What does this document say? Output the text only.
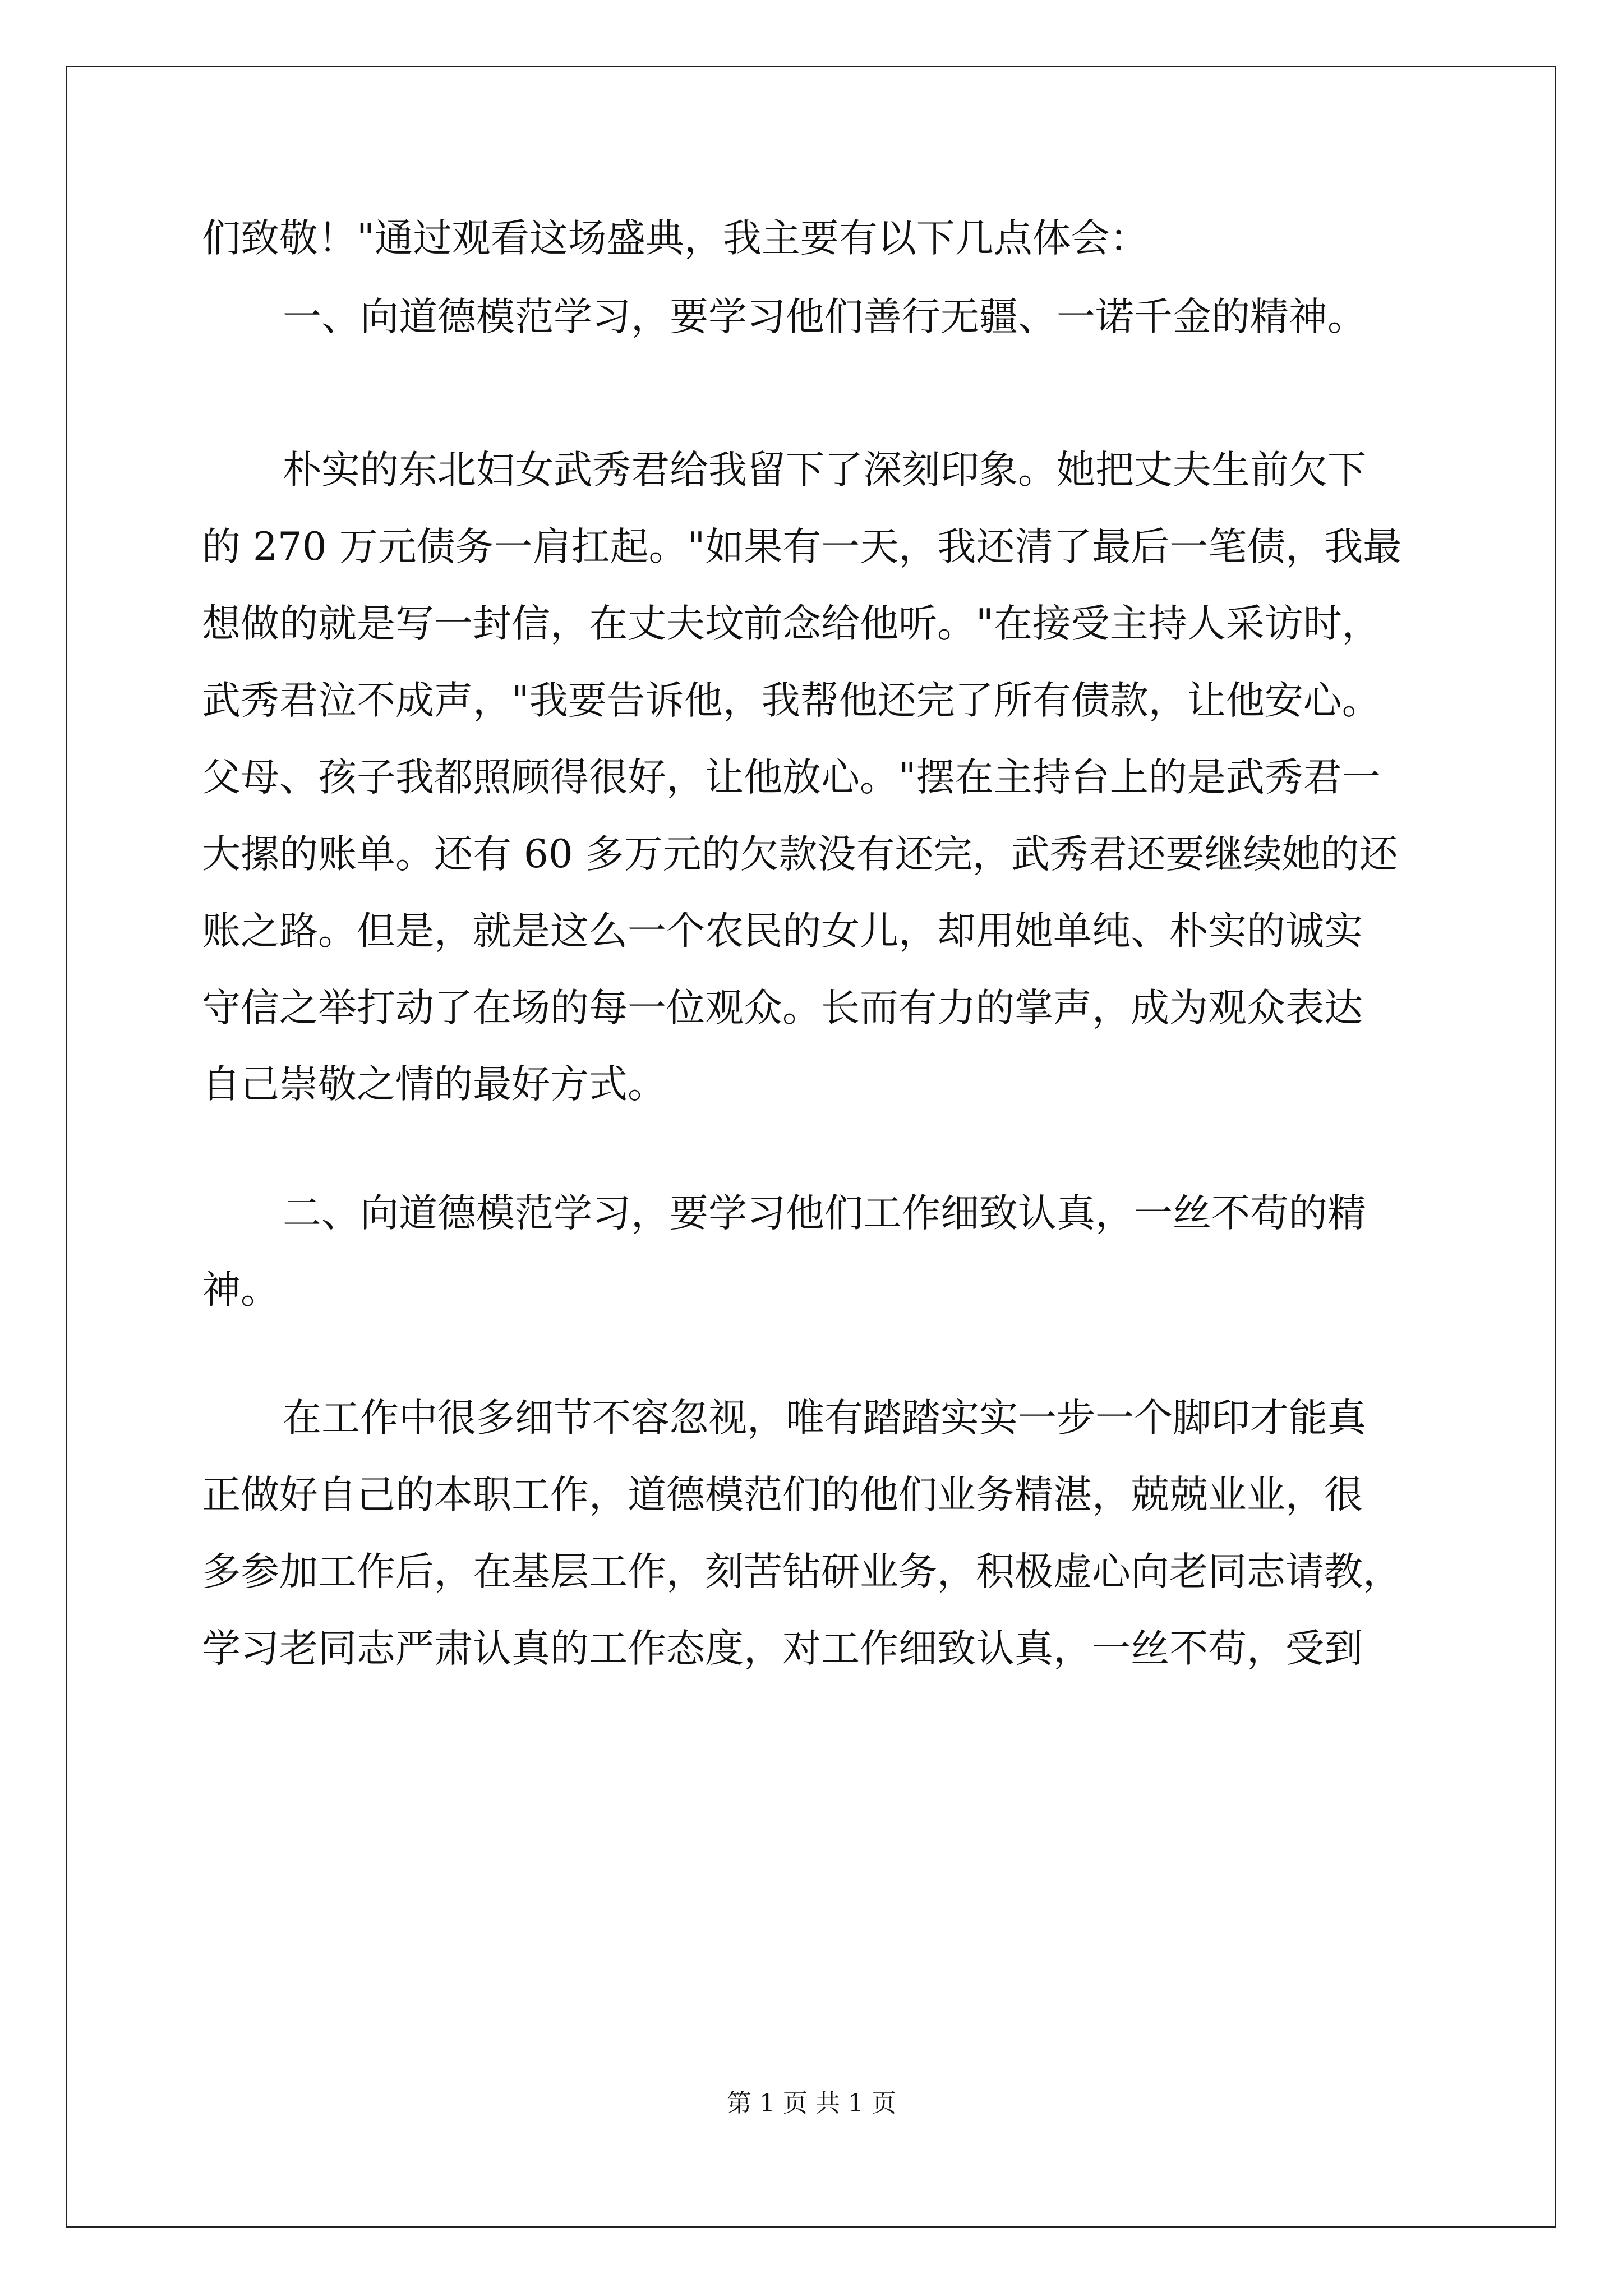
们致敬！"通过观看这场盛典，我主要有以下几点体会：
一、向道德模范学习，要学习他们善行无疆、一诺千金的精神。
朴实的东北妇女武秀君给我留下了深刻印象。她把丈夫生前欠下
的 270 万元债务一肩扛起。"如果有一天，我还清了最后一笔债，我最
想做的就是写一封信，在丈夫坟前念给他听。"在接受主持人采访时，
武秀君泣不成声，"我要告诉他，我帮他还完了所有债款，让他安心。
父母、孩子我都照顾得很好，让他放心。"摆在主持台上的是武秀君一
大摞的账单。还有 60 多万元的欠款没有还完，武秀君还要继续她的还
账之路。但是，就是这么一个农民的女儿，却用她单纯、朴实的诚实
守信之举打动了在场的每一位观众。长而有力的掌声，成为观众表达
自己崇敬之情的最好方式。
二、向道德模范学习，要学习他们工作细致认真，一丝不苟的精
神。
在工作中很多细节不容忽视，唯有踏踏实实一步一个脚印才能真
正做好自己的本职工作，道德模范们的他们业务精湛，兢兢业业，很
多参加工作后，在基层工作，刻苦钻研业务，积极虚心向老同志请教，
学习老同志严肃认真的工作态度，对工作细致认真，一丝不苟，受到
第 1 页 共 1 页
